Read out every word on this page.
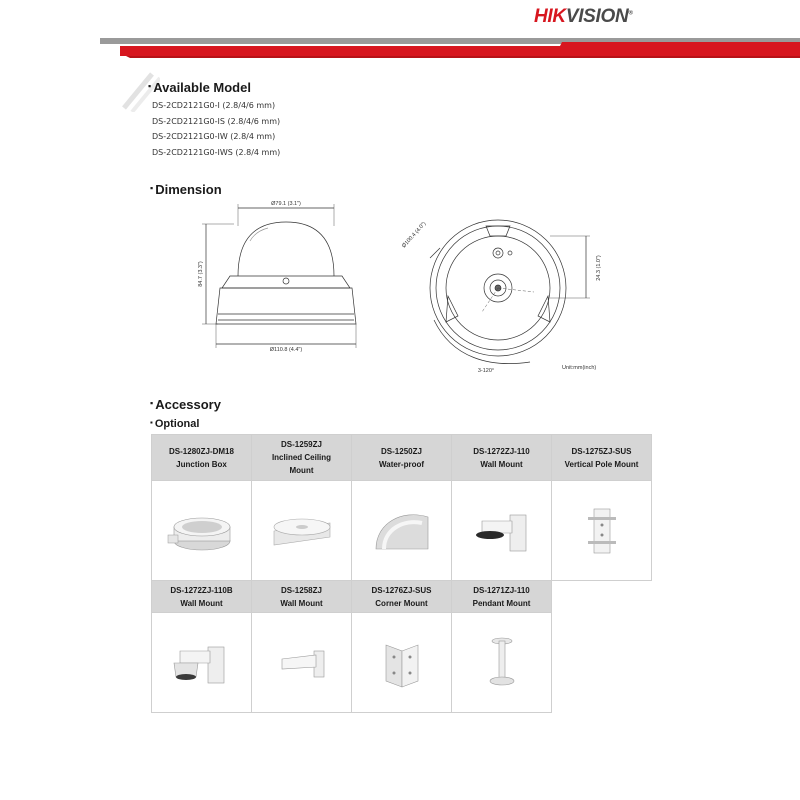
HIKVISION®
▪ Available Model
DS-2CD2121G0-I (2.8/4/6 mm)
DS-2CD2121G0-IS (2.8/4/6 mm)
DS-2CD2121G0-IW (2.8/4 mm)
DS-2CD2121G0-IWS (2.8/4 mm)
▪ Dimension
Ø79.1 (3.1")
Ø110.8 (4.4")
84.7 (3.3")
Ø100.4 (4.0")
24.3 (1.0")
3-120°	Unit:mm(inch)
▪ Accessory
▪ Optional
DS-1280ZJ-DM18
Junction Box	DS-1259ZJ
Inclined Ceiling Mount	DS-1250ZJ
Water-proof	DS-1272ZJ-110
Wall Mount	DS-1275ZJ-SUS
Vertical Pole Mount

DS-1272ZJ-110B
Wall Mount	DS-1258ZJ
Wall Mount	DS-1276ZJ-SUS
Corner Mount	DS-1271ZJ-110
Pendant Mount	
